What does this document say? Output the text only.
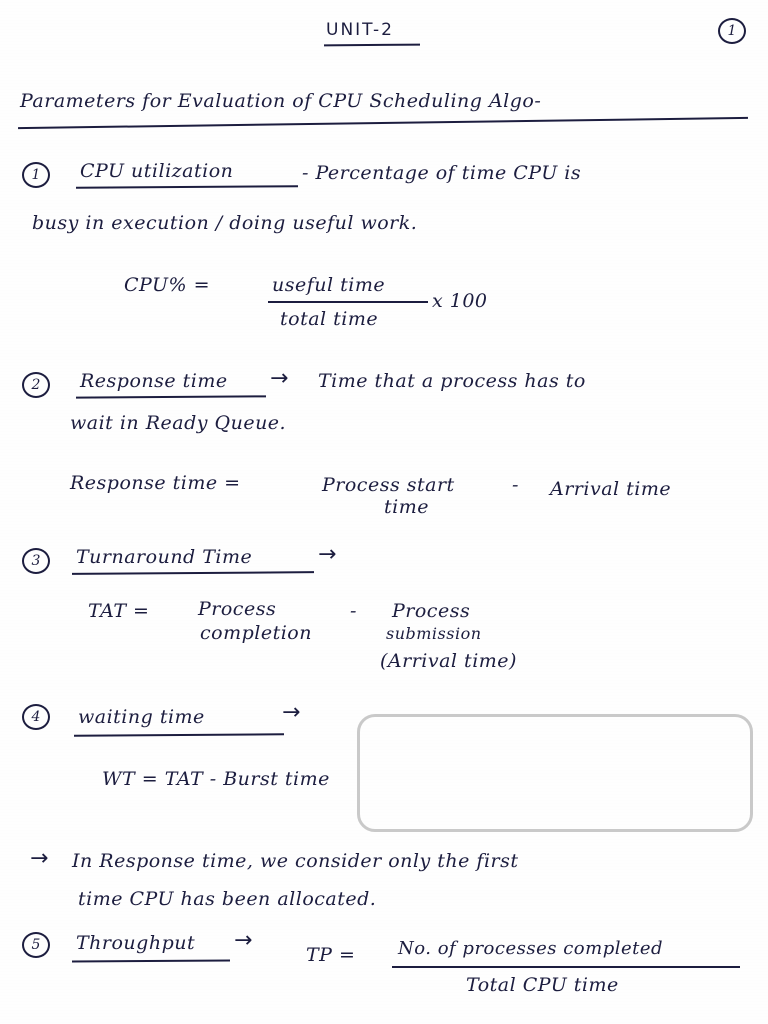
UNIT-2	1
Parameters for Evaluation of CPU Scheduling Algo-
1	CPU utilization	- Percentage of time CPU is
busy in execution / doing useful work.
CPU% =	useful time
total time
x 100
2	Response time → Time that a process has to
wait in Ready Queue.
Response time =	Process start
time
- Arrival time
3	Turnaround Time	→
TAT =	Process
completion
- Process
submission
(Arrival time)
4	waiting time	→
WT = TAT - Burst time
→ In Response time, we consider only the first
time CPU has been allocated.
5	Throughput →
TP = No. of processes completed
Total CPU time
